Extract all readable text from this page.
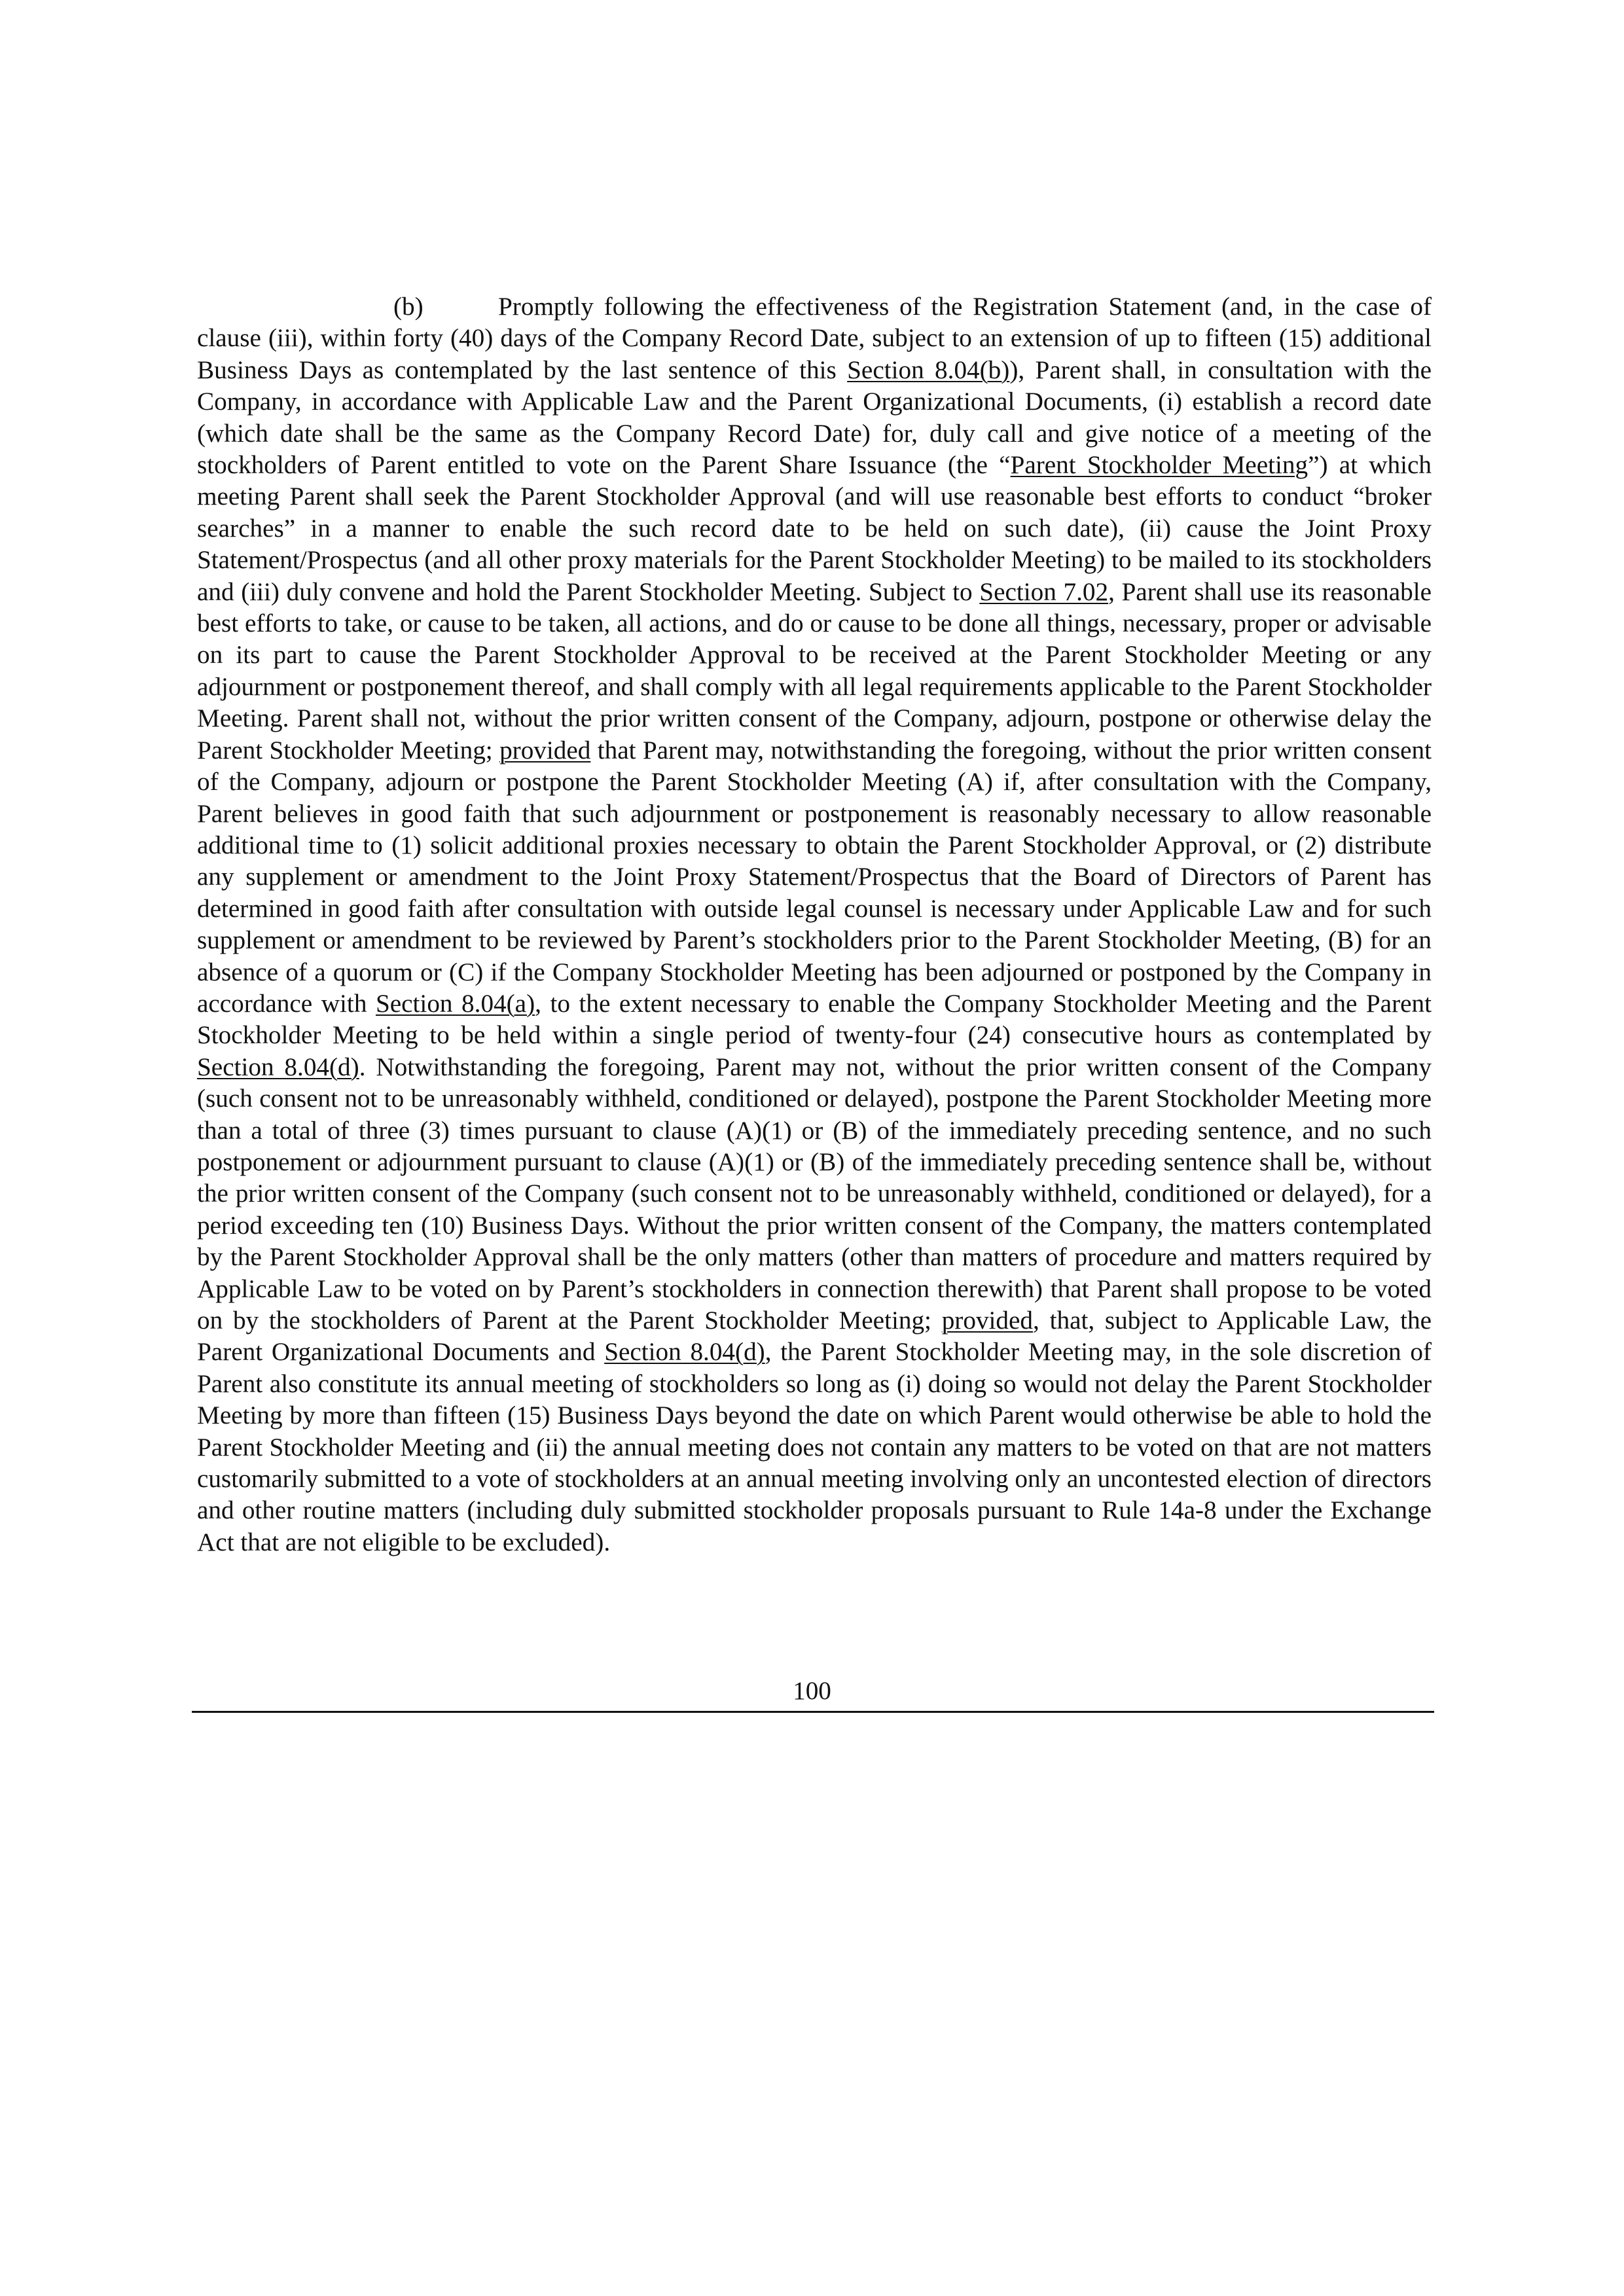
(b)	Promptly following the effectiveness of the Registration Statement (and, in the case of clause (iii), within forty (40) days of the Company Record Date, subject to an extension of up to fifteen (15) additional Business Days as contemplated by the last sentence of this Section 8.04(b)), Parent shall, in consultation with the Company, in accordance with Applicable Law and the Parent Organizational Documents, (i) establish a record date (which date shall be the same as the Company Record Date) for, duly call and give notice of a meeting of the stockholders of Parent entitled to vote on the Parent Share Issuance (the “Parent Stockholder Meeting”) at which meeting Parent shall seek the Parent Stockholder Approval (and will use reasonable best efforts to conduct “broker searches” in a manner to enable the such record date to be held on such date), (ii) cause the Joint Proxy Statement/Prospectus (and all other proxy materials for the Parent Stockholder Meeting) to be mailed to its stockholders and (iii) duly convene and hold the Parent Stockholder Meeting. Subject to Section 7.02, Parent shall use its reasonable best efforts to take, or cause to be taken, all actions, and do or cause to be done all things, necessary, proper or advisable on its part to cause the Parent Stockholder Approval to be received at the Parent Stockholder Meeting or any adjournment or postponement thereof, and shall comply with all legal requirements applicable to the Parent Stockholder Meeting. Parent shall not, without the prior written consent of the Company, adjourn, postpone or otherwise delay the Parent Stockholder Meeting; provided that Parent may, notwithstanding the foregoing, without the prior written consent of the Company, adjourn or postpone the Parent Stockholder Meeting (A) if, after consultation with the Company, Parent believes in good faith that such adjournment or postponement is reasonably necessary to allow reasonable additional time to (1) solicit additional proxies necessary to obtain the Parent Stockholder Approval, or (2) distribute any supplement or amendment to the Joint Proxy Statement/Prospectus that the Board of Directors of Parent has determined in good faith after consultation with outside legal counsel is necessary under Applicable Law and for such supplement or amendment to be reviewed by Parent’s stockholders prior to the Parent Stockholder Meeting, (B) for an absence of a quorum or (C) if the Company Stockholder Meeting has been adjourned or postponed by the Company in accordance with Section 8.04(a), to the extent necessary to enable the Company Stockholder Meeting and the Parent Stockholder Meeting to be held within a single period of twenty-four (24) consecutive hours as contemplated by Section 8.04(d). Notwithstanding the foregoing, Parent may not, without the prior written consent of the Company (such consent not to be unreasonably withheld, conditioned or delayed), postpone the Parent Stockholder Meeting more than a total of three (3) times pursuant to clause (A)(1) or (B) of the immediately preceding sentence, and no such postponement or adjournment pursuant to clause (A)(1) or (B) of the immediately preceding sentence shall be, without the prior written consent of the Company (such consent not to be unreasonably withheld, conditioned or delayed), for a period exceeding ten (10) Business Days. Without the prior written consent of the Company, the matters contemplated by the Parent Stockholder Approval shall be the only matters (other than matters of procedure and matters required by Applicable Law to be voted on by Parent’s stockholders in connection therewith) that Parent shall propose to be voted on by the stockholders of Parent at the Parent Stockholder Meeting; provided, that, subject to Applicable Law, the Parent Organizational Documents and Section 8.04(d), the Parent Stockholder Meeting may, in the sole discretion of Parent also constitute its annual meeting of stockholders so long as (i) doing so would not delay the Parent Stockholder Meeting by more than fifteen (15) Business Days beyond the date on which Parent would otherwise be able to hold the Parent Stockholder Meeting and (ii) the annual meeting does not contain any matters to be voted on that are not matters customarily submitted to a vote of stockholders at an annual meeting involving only an uncontested election of directors and other routine matters (including duly submitted stockholder proposals pursuant to Rule 14a-8 under the Exchange Act that are not eligible to be excluded).

100
